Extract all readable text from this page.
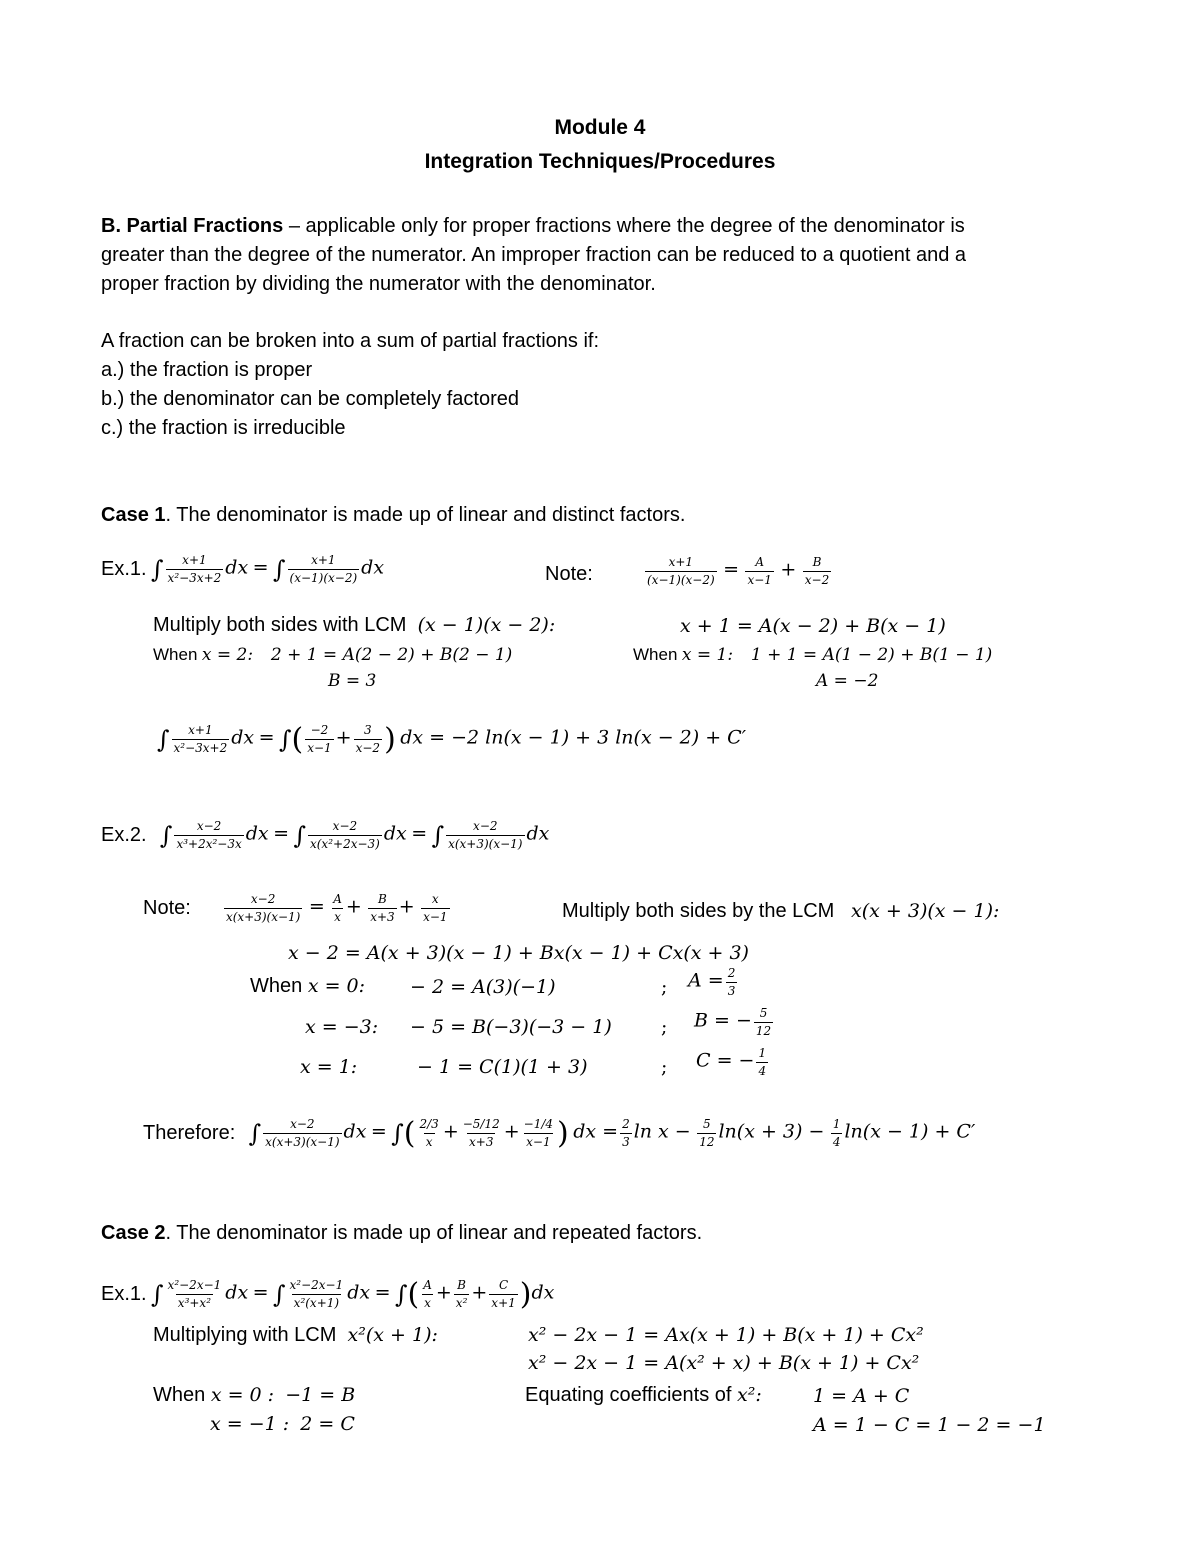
Module 4
Integration Techniques/Procedures
B. Partial Fractions – applicable only for proper fractions where the degree of the denominator is
greater than the degree of the numerator. An improper fraction can be reduced to a quotient and a
proper fraction by dividing the numerator with the denominator.
A fraction can be broken into a sum of partial fractions if:
a.) the fraction is proper
b.) the denominator can be completely factored
c.) the fraction is irreducible
Case 1. The denominator is made up of linear and distinct factors.
Ex.1. ∫ $\frac{x+1}{\text{x²−3x+2}}$ dx = ∫ $\frac{x+1}{(x-1)(x-2)}$ dx	Note:	$\frac{x+1}{(x-1)(x-2)} = \frac{A}{x-1} + \frac{B}{x-2}$
Multiply both sides with LCM (x − 1)(x − 2):	x + 1 = A(x − 2) + B(x − 1)
When x = 2: 2 + 1 = A(2 − 2) + B(2 − 1)
B = 3
When x = 1: 1 + 1 = A(1 − 2) + B(1 − 1)
A = −2
∫ $\frac{x+1}{\text{x²−3x+2}}$ dx = ∫( $\frac{-2}{x-1} + \frac{3}{x-2}$ ) dx = −2 ln(x − 1) + 3 ln(x − 2) + C′
Ex.2. ∫ $\frac{x-2}{\text{x³+2x²−3x}}$ dx = ∫ $\frac{x-2}{\text{x(x²+2x−3)}}$ dx = ∫ $\frac{x-2}{x(x+3)(x-1)}$ dx
Note:	$\frac{x-2}{x(x+3)(x-1)} = \frac{A}{x} + \frac{B}{x+3} + \frac{x}{x-1}$	Multiply both sides by the LCM x(x + 3)(x − 1):
x − 2 = A(x + 3)(x − 1) + Bx(x − 1) + Cx(x + 3)
When x = 0: − 2 = A(3)(−1)	; $A = \frac{2}{3}$
x = −3: − 5 = B(−3)(−3 − 1)	; B = − $\frac{5}{12}$
x = 1:	− 1 = C(1)(1 + 3)	; C = − $\frac{1}{4}$
Therefore: ∫ $\frac{x-2}{x(x+3)(x-1)}$ dx = ∫( $\frac{2/3}{x} + \frac{-5/12}{x+3} + \frac{-1/4}{x-1}$ ) dx = $\frac{2}{3}$ $\ln x - \frac{5}{12} \ln(x + 3) - \frac{1}{4} \ln(x - 1) + C'$
Case 2. The denominator is made up of linear and repeated factors.
Ex.1. ∫ $\frac{\text{x²−2x−1}}{\text{x³+x²}}$ dx = ∫ $\frac{\text{x²−2x−1}}{\text{x²(x+1)}}$ dx = ∫( $\frac{A}{x} + \frac{B}{\text{x²}} + \frac{C}{x+1} )dx$
Multiplying with LCM x²(x + 1):	x² − 2x − 1 = Ax(x + 1) + B(x + 1) + Cx²
x² − 2x − 1 = A(x² + x) + B(x + 1) + Cx²
When x = 0 : −1 = B
x = −1 : 2 = C
Equating coefficients of x²:	1 = A + C
A = 1 − C = 1 − 2 = −1
